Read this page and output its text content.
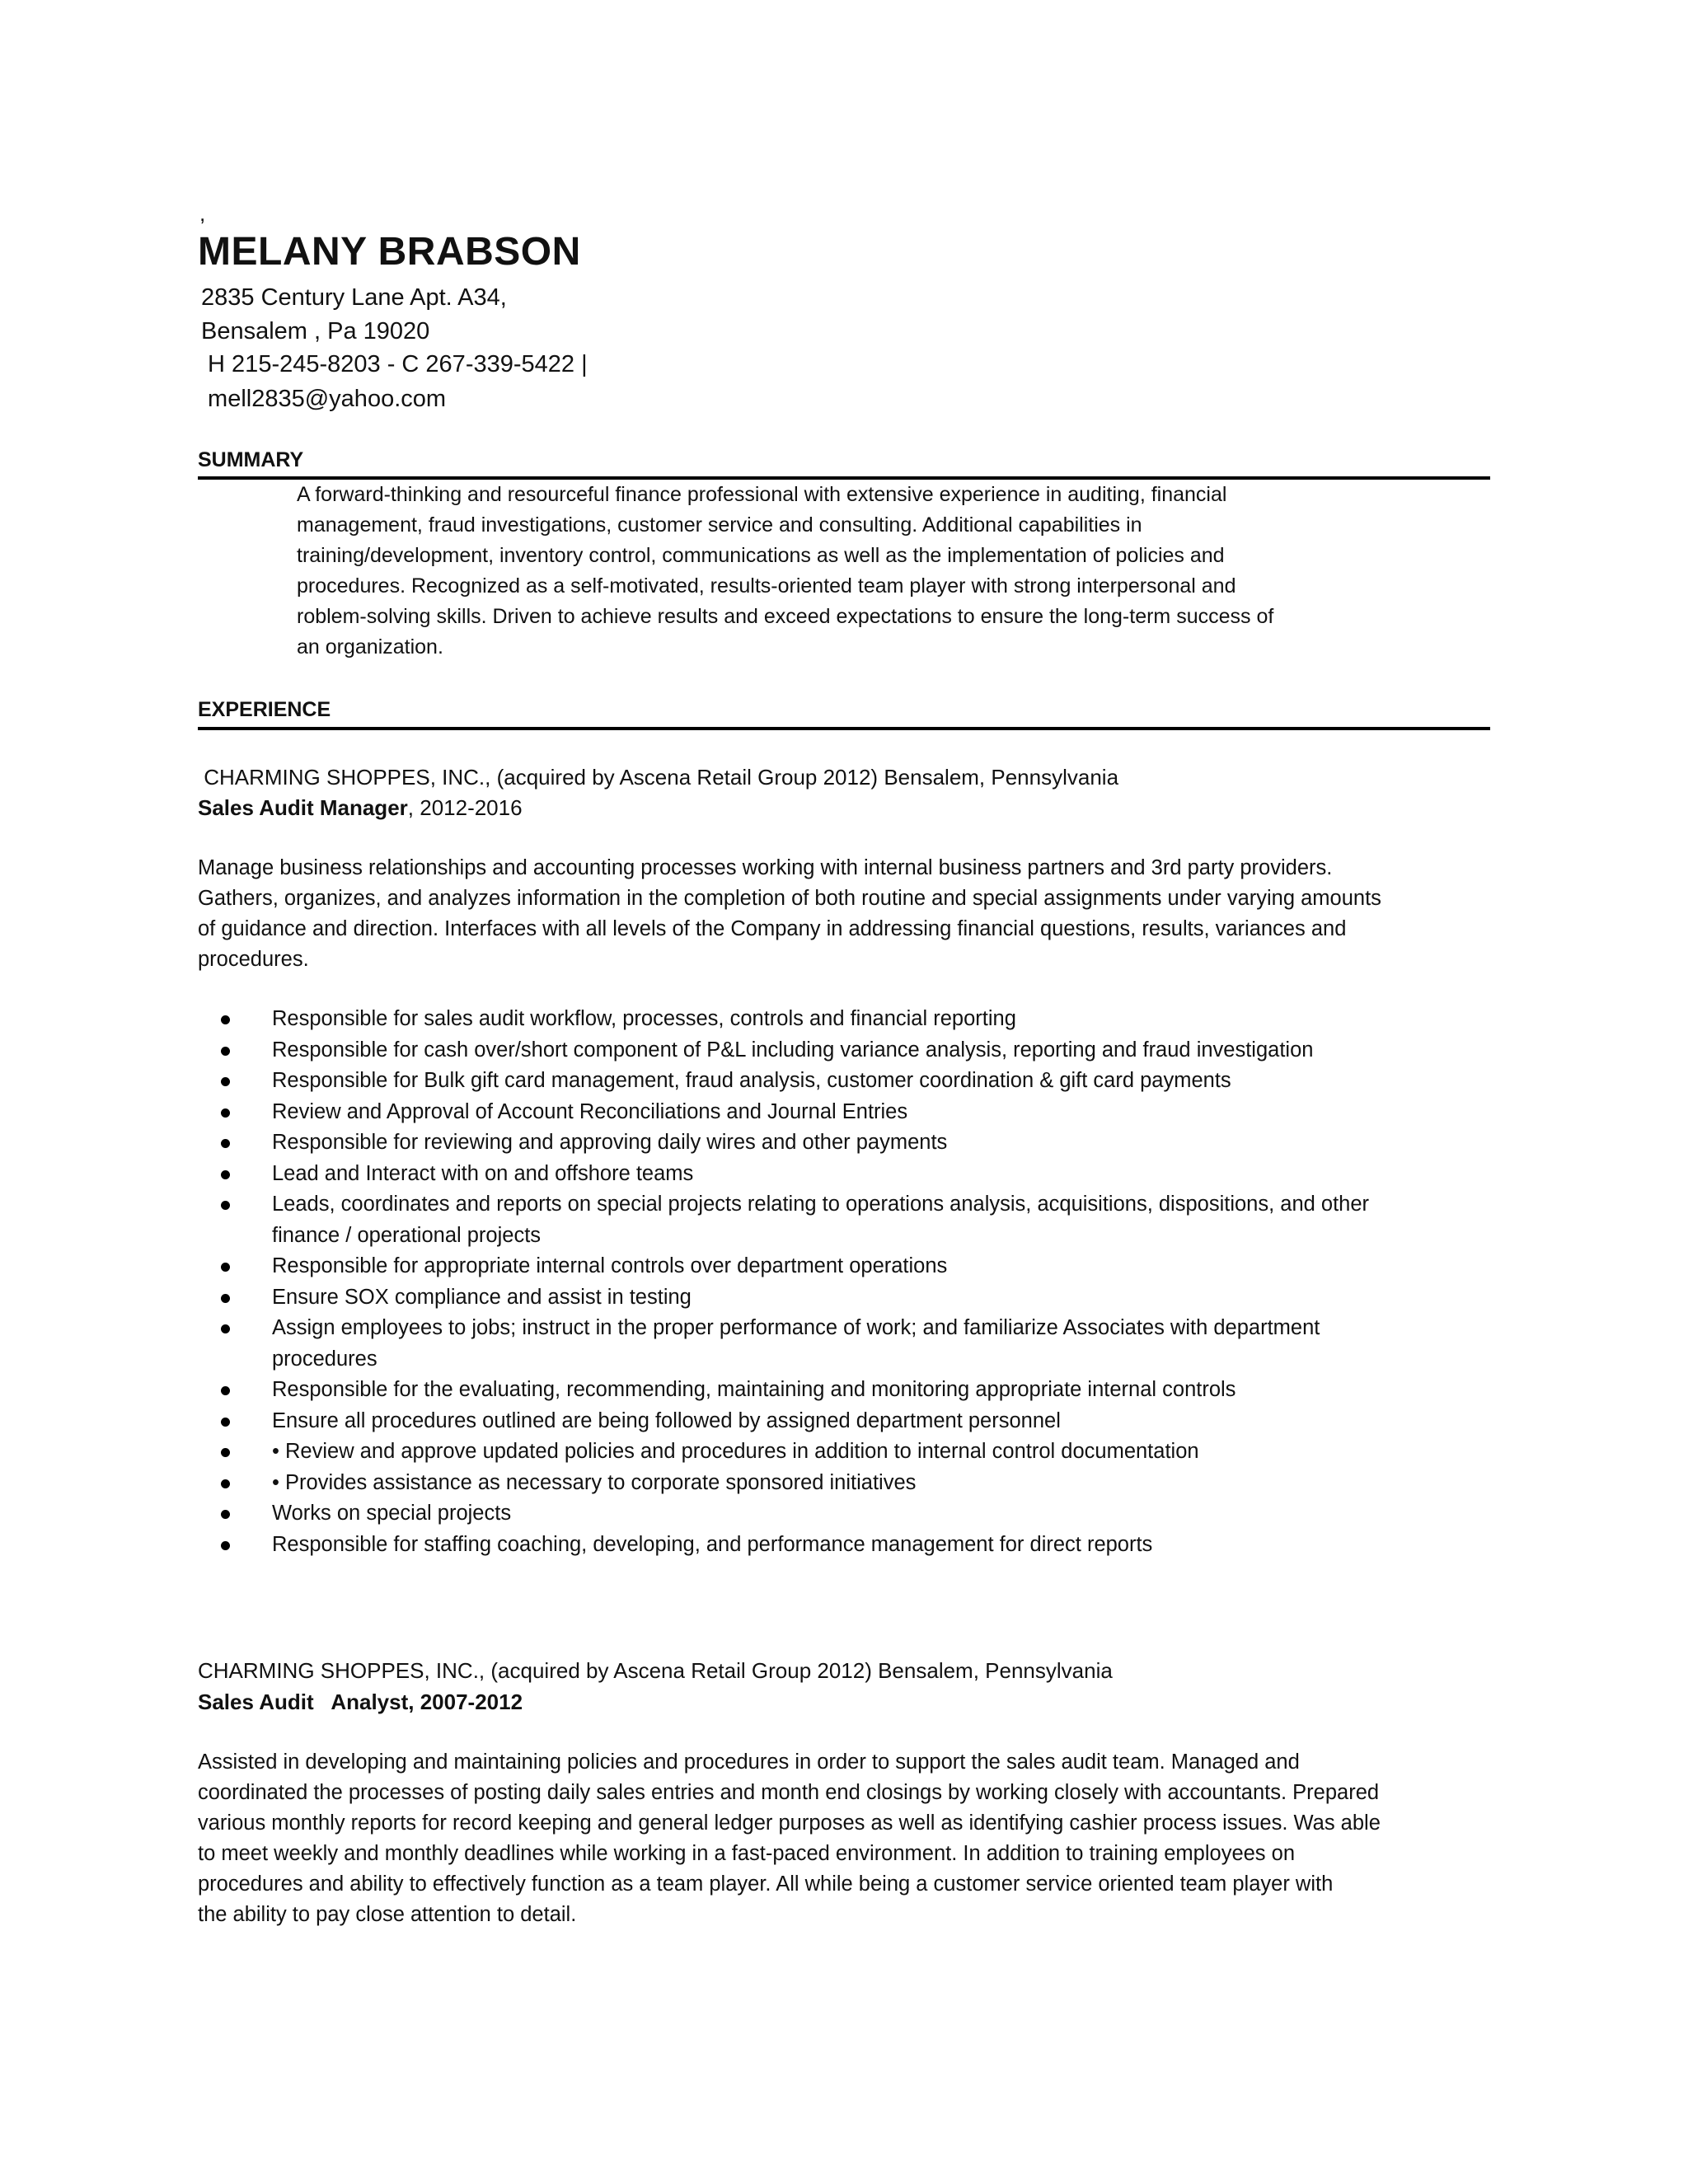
,
MELANY BRABSON
2835 Century Lane Apt. A34,
Bensalem , Pa 19020
H 215-245-8203 - C 267-339-5422 |
mell2835@yahoo.com
SUMMARY

A forward-thinking and resourceful finance professional with extensive experience in auditing, financial

management, fraud investigations, customer service and consulting. Additional capabilities in

training/development, inventory control, communications as well as the implementation of policies and

procedures. Recognized as a self-motivated, results-oriented team player with strong interpersonal and

roblem-solving skills. Driven to achieve results and exceed expectations to ensure the long-term success of

an organization.

EXPERIENCE
CHARMING SHOPPES, INC., (acquired by Ascena Retail Group 2012) Bensalem, Pennsylvania
Sales Audit Manager, 2012-2016

Manage business relationships and accounting processes working with internal business partners and 3rd party providers.

Gathers, organizes, and analyzes information in the completion of both routine and special assignments under varying amounts

of guidance and direction. Interfaces with all levels of the Company in addressing financial questions, results, variances and

procedures.

Responsible for sales audit workflow, processes, controls and financial reporting
Responsible for cash over/short component of P&L including variance analysis, reporting and fraud investigation
Responsible for Bulk gift card management, fraud analysis, customer coordination & gift card payments
Review and Approval of Account Reconciliations and Journal Entries
Responsible for reviewing and approving daily wires and other payments
Lead and Interact with on and offshore teams
Leads, coordinates and reports on special projects relating to operations analysis, acquisitions, dispositions, and other
finance / operational projects
Responsible for appropriate internal controls over department operations
Ensure SOX compliance and assist in testing
Assign employees to jobs; instruct in the proper performance of work; and familiarize Associates with department
procedures
Responsible for the evaluating, recommending, maintaining and monitoring appropriate internal controls
Ensure all procedures outlined are being followed by assigned department personnel
• Review and approve updated policies and procedures in addition to internal control documentation
• Provides assistance as necessary to corporate sponsored initiatives
Works on special projects
Responsible for staffing coaching, developing, and performance management for direct reports
CHARMING SHOPPES, INC., (acquired by Ascena Retail Group 2012) Bensalem, Pennsylvania
Sales Audit   Analyst, 2007-2012

Assisted in developing and maintaining policies and procedures in order to support the sales audit team. Managed and

coordinated the processes of posting daily sales entries and month end closings by working closely with accountants. Prepared

various monthly reports for record keeping and general ledger purposes as well as identifying cashier process issues. Was able

to meet weekly and monthly deadlines while working in a fast-paced environment. In addition to training employees on

procedures and ability to effectively function as a team player. All while being a customer service oriented team player with

the ability to pay close attention to detail.
